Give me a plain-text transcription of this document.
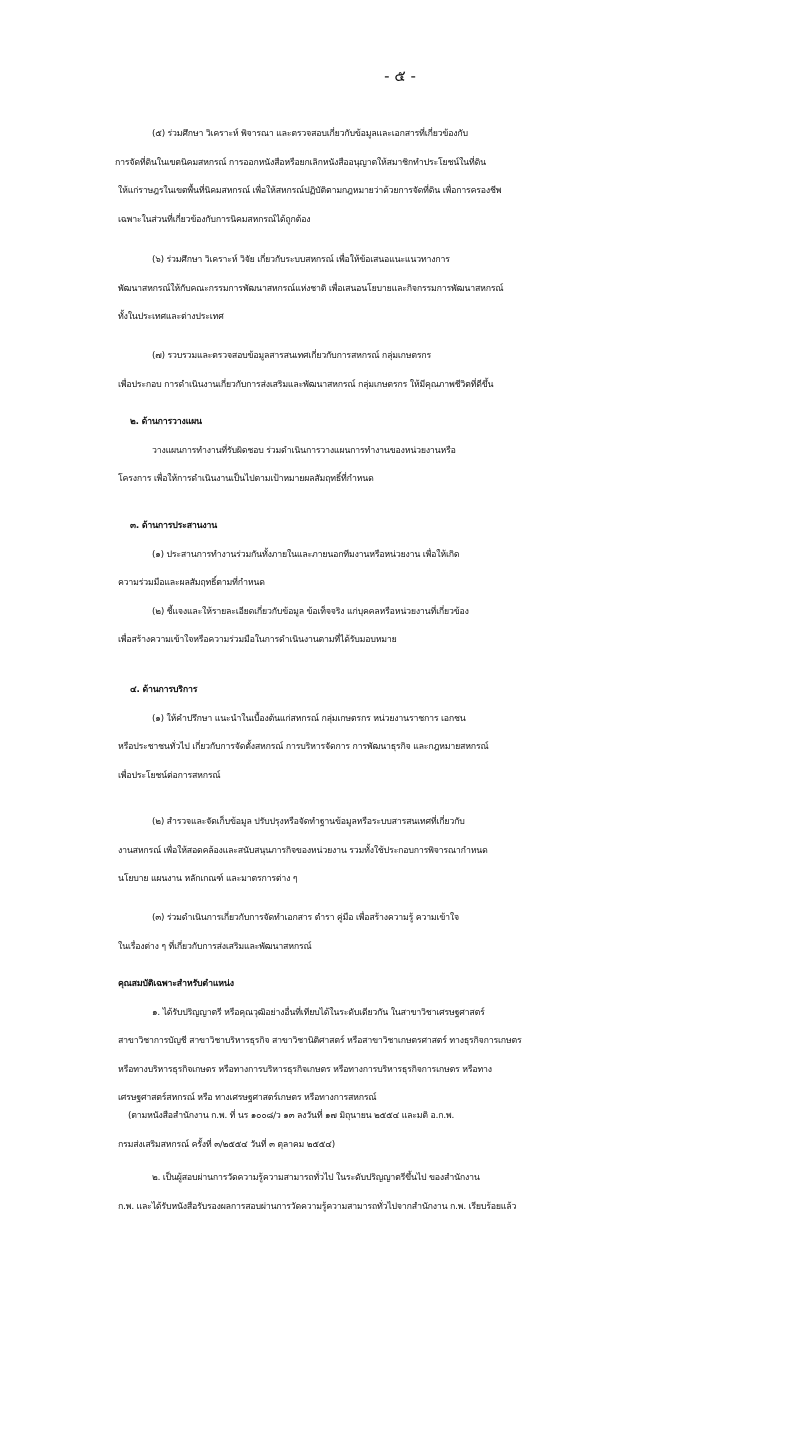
- ๕ -
(๕) ร่วมศึกษา วิเคราะห์ พิจารณา และตรวจสอบเกี่ยวกับข้อมูลและเอกสารที่เกี่ยวข้องกับ
การจัดที่ดินในเขตนิคมสหกรณ์ การออกหนังสือหรือยกเลิกหนังสืออนุญาตให้สมาชิกทำประโยชน์ในที่ดิน
ให้แก่ราษฎรในเขตพื้นที่นิคมสหกรณ์ เพื่อให้สหกรณ์ปฏิบัติตามกฎหมายว่าด้วยการจัดที่ดิน เพื่อการครองชีพ
เฉพาะในส่วนที่เกี่ยวข้องกับการนิคมสหกรณ์ได้ถูกต้อง
(๖) ร่วมศึกษา วิเคราะห์ วิจัย เกี่ยวกับระบบสหกรณ์ เพื่อให้ข้อเสนอแนะแนวทางการ
พัฒนาสหกรณ์ให้กับคณะกรรมการพัฒนาสหกรณ์แห่งชาติ เพื่อเสนอนโยบายและกิจกรรมการพัฒนาสหกรณ์
ทั้งในประเทศและต่างประเทศ
(๗) รวบรวมและตรวจสอบข้อมูลสารสนเทศเกี่ยวกับการสหกรณ์ กลุ่มเกษตรกร
เพื่อประกอบ การดำเนินงานเกี่ยวกับการส่งเสริมและพัฒนาสหกรณ์ กลุ่มเกษตรกร ให้มีคุณภาพชีวิตที่ดีขึ้น
๒. ด้านการวางแผน
วางแผนการทำงานที่รับผิดชอบ ร่วมดำเนินการวางแผนการทำงานของหน่วยงานหรือ
โครงการ เพื่อให้การดำเนินงานเป็นไปตามเป้าหมายผลสัมฤทธิ์ที่กำหนด
๓. ด้านการประสานงาน
(๑) ประสานการทำงานร่วมกันทั้งภายในและภายนอกทีมงานหรือหน่วยงาน เพื่อให้เกิด
ความร่วมมือและผลสัมฤทธิ์ตามที่กำหนด
(๒) ชี้แจงและให้รายละเอียดเกี่ยวกับข้อมูล ข้อเท็จจริง แก่บุคคลหรือหน่วยงานที่เกี่ยวข้อง
เพื่อสร้างความเข้าใจหรือความร่วมมือในการดำเนินงานตามที่ได้รับมอบหมาย
๔. ด้านการบริการ
(๑) ให้คำปรึกษา แนะนำในเบื้องต้นแก่สหกรณ์ กลุ่มเกษตรกร หน่วยงานราชการ เอกชน
หรือประชาชนทั่วไป เกี่ยวกับการจัดตั้งสหกรณ์ การบริหารจัดการ การพัฒนาธุรกิจ และกฎหมายสหกรณ์
เพื่อประโยชน์ต่อการสหกรณ์
(๒) สำรวจและจัดเก็บข้อมูล ปรับปรุงหรือจัดทำฐานข้อมูลหรือระบบสารสนเทศที่เกี่ยวกับ
งานสหกรณ์ เพื่อให้สอดคล้องและสนับสนุนภารกิจของหน่วยงาน รวมทั้งใช้ประกอบการพิจารณากำหนด
นโยบาย แผนงาน หลักเกณฑ์ และมาตรการต่าง ๆ
(๓) ร่วมดำเนินการเกี่ยวกับการจัดทำเอกสาร ตำรา คู่มือ เพื่อสร้างความรู้ ความเข้าใจ
ในเรื่องต่าง ๆ ที่เกี่ยวกับการส่งเสริมและพัฒนาสหกรณ์
คุณสมบัติเฉพาะสำหรับตำแหน่ง
๑. ได้รับปริญญาตรี หรือคุณวุฒิอย่างอื่นที่เทียบได้ในระดับเดียวกัน ในสาขาวิชาเศรษฐศาสตร์
สาขาวิชาการบัญชี สาขาวิชาบริหารธุรกิจ สาขาวิชานิติศาสตร์ หรือสาขาวิชาเกษตรศาสตร์ ทางธุรกิจการเกษตร
หรือทางบริหารธุรกิจเกษตร หรือทางการบริหารธุรกิจเกษตร หรือทางการบริหารธุรกิจการเกษตร หรือทาง
เศรษฐศาสตร์สหกรณ์ หรือ ทางเศรษฐศาสตร์เกษตร หรือทางการสหกรณ์
(ตามหนังสือสำนักงาน ก.พ. ที่ นร ๑๐๐๘/ว ๑๓ ลงวันที่ ๑๗ มิถุนายน ๒๕๕๔ และมติ อ.ก.พ.
กรมส่งเสริมสหกรณ์ ครั้งที่ ๓/๒๕๕๔ วันที่ ๓ ตุลาคม ๒๕๕๔)
๒. เป็นผู้สอบผ่านการวัดความรู้ความสามารถทั่วไป ในระดับปริญญาตรีขึ้นไป ของสำนักงาน
ก.พ. และได้รับหนังสือรับรองผลการสอบผ่านการวัดความรู้ความสามารถทั่วไปจากสำนักงาน ก.พ. เรียบร้อยแล้ว
